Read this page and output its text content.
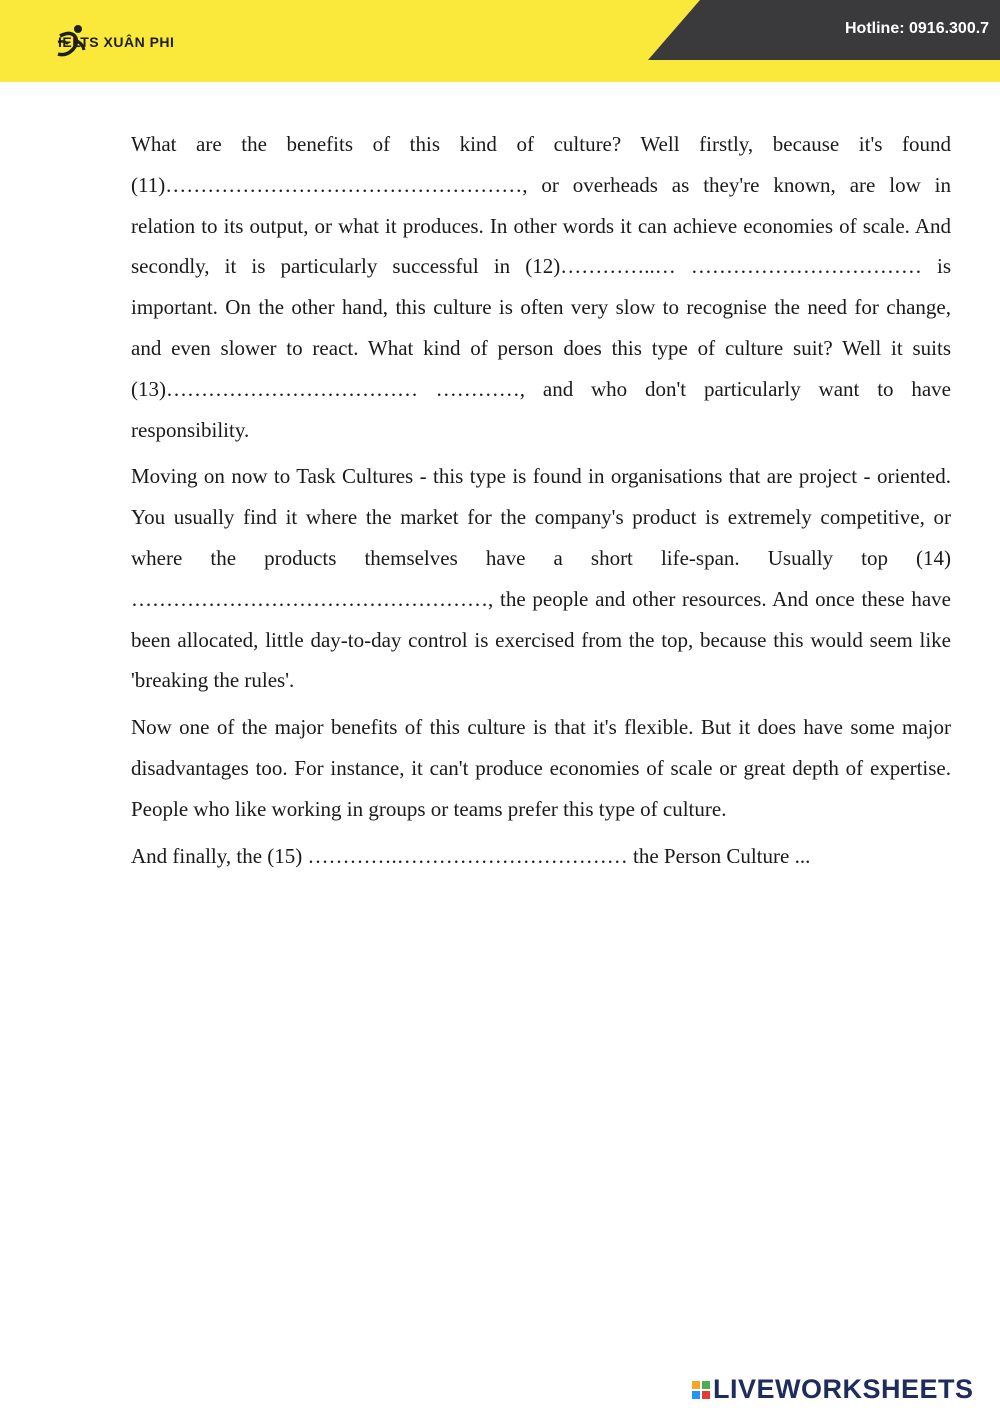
IELTS XUÂN PHI
Hotline: 0916.300.7

What are the benefits of this kind of culture? Well firstly, because it's found (11)……………………………………………, or overheads as they're known, are low in relation to its output, or what it produces. In other words it can achieve economies of scale. And secondly, it is particularly successful in (12)…………..… …………………………… is important. On the other hand, this culture is often very slow to recognise the need for change, and even slower to react. What kind of person does this type of culture suit? Well it suits (13)……………………………… …………, and who don't particularly want to have responsibility.

Moving on now to Task Cultures - this type is found in organisations that are project - oriented. You usually find it where the market for the company's product is extremely competitive, or where the products themselves have a short life-span. Usually top (14) ……………………………………………, the people and other resources. And once these have been allocated, little day-to-day control is exercised from the top, because this would seem like 'breaking the rules'.

Now one of the major benefits of this culture is that it's flexible. But it does have some major disadvantages too. For instance, it can't produce economies of scale or great depth of expertise. People who like working in groups or teams prefer this type of culture.

And finally, the (15) ………….…………………………… the Person Culture ...

LIVEWORKSHEETS
